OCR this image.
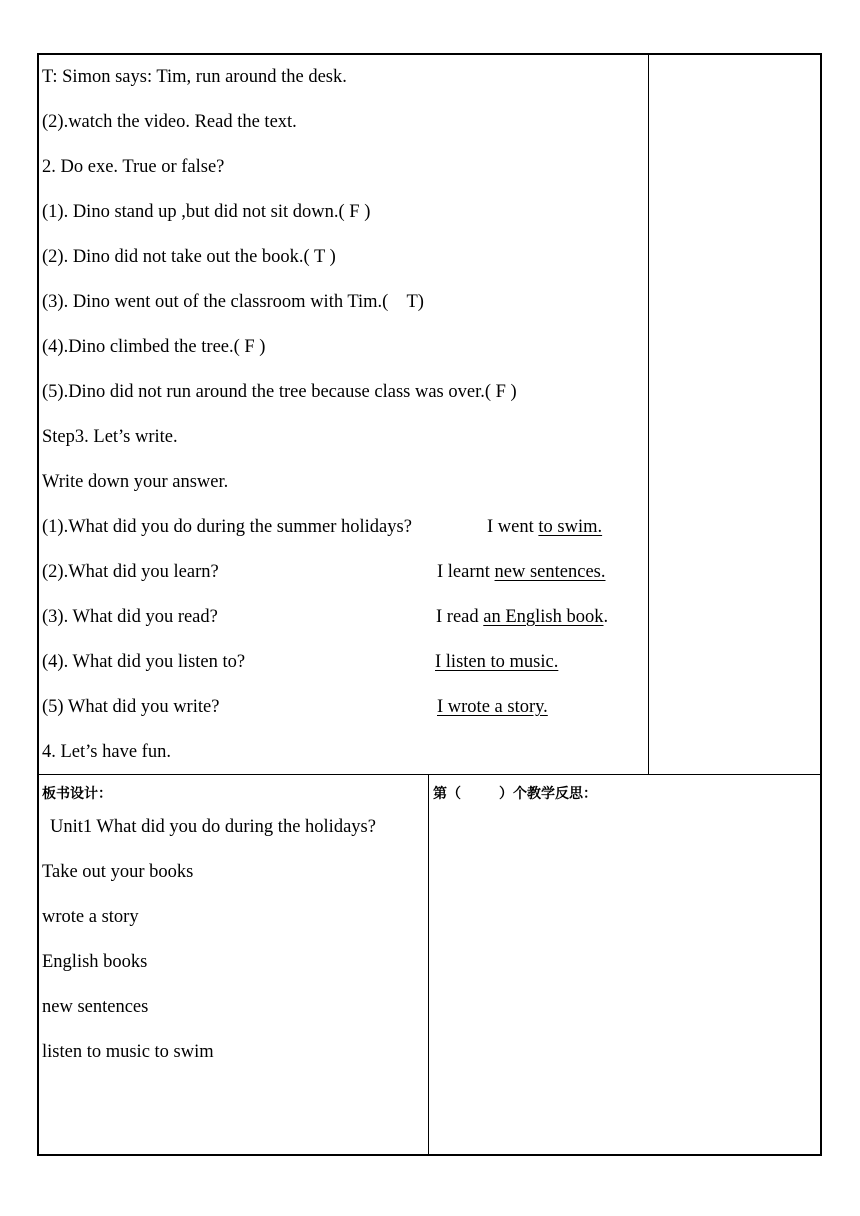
T: Simon says: Tim, run around the desk.
(2).watch the video. Read the text.
2. Do exe. True or false?
(1). Dino stand up ,but did not sit down.( F )
(2). Dino did not take out the book.( T )
(3). Dino went out of the classroom with Tim.(    T)
(4).Dino climbed the tree.( F )
(5).Dino did not run around the tree because class was over.( F )
Step3. Let’s write.
Write down your answer.
(1).What did you do during the summer holidays?	I went to swim.
(2).What did you learn?	I learnt new sentences.
(3). What did you read?	I read an English book.
(4). What did you listen to?	I listen to music.
(5) What did you write?	I wrote a story.
4. Let’s have fun.
板书设计：
Unit1 What did you do during the holidays?
Take out your books
wrote a story
English books
new sentences
listen to music to swim
第（	）个教学反思：
